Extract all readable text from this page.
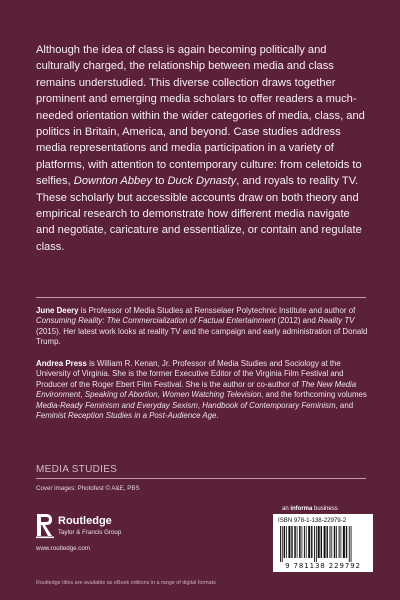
Although the idea of class is again becoming politically and culturally charged, the relationship between media and class remains understudied. This diverse collection draws together prominent and emerging media scholars to offer readers a much-needed orientation within the wider categories of media, class, and politics in Britain, America, and beyond. Case studies address media representations and media participation in a variety of platforms, with attention to contemporary culture: from celetoids to selfies, Downton Abbey to Duck Dynasty, and royals to reality TV. These scholarly but accessible accounts draw on both theory and empirical research to demonstrate how different media navigate and negotiate, caricature and essentialize, or contain and regulate class.

June Deery is Professor of Media Studies at Rensselaer Polytechnic Institute and author of Consuming Reality: The Commercialization of Factual Entertainment (2012) and Reality TV (2015). Her latest work looks at reality TV and the campaign and early administration of Donald Trump.

Andrea Press is William R. Kenan, Jr. Professor of Media Studies and Sociology at the University of Virginia. She is the former Executive Editor of the Virginia Film Festival and Producer of the Roger Ebert Film Festival. She is the author or co-author of The New Media Environment, Speaking of Abortion, Women Watching Television, and the forthcoming volumes Media-Ready Feminism and Everyday Sexism, Handbook of Contemporary Feminism, and Feminist Reception Studies in a Post-Audience Age.

MEDIA STUDIES
Cover images: Photofest © A&E, PBS
Routledge
Taylor & Francis Group
www.routledge.com
an informa business
ISBN 978-1-138-22979-2
9 781138 229792
Routledge titles are available as eBook editions in a range of digital formats
